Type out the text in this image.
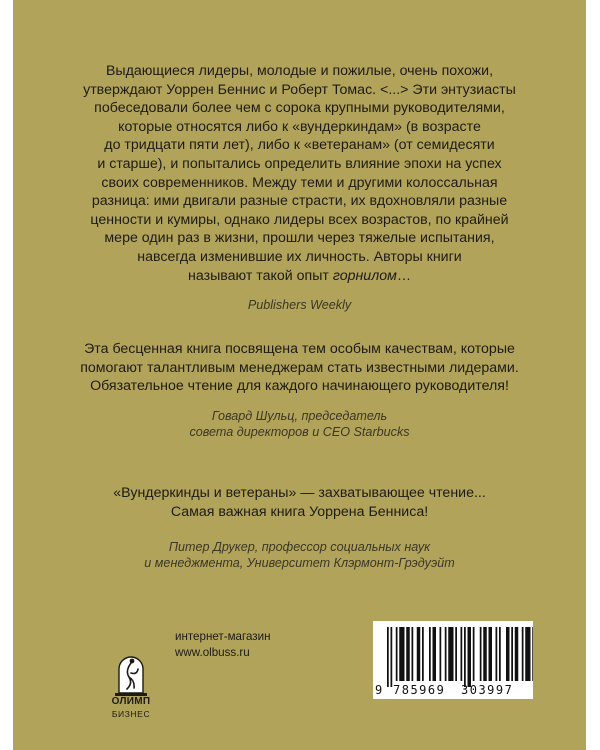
Выдающиеся лидеры, молодые и пожилые, очень похожи,
утверждают Уоррен Беннис и Роберт Томас. <...> Эти энтузиасты
побеседовали более чем с сорока крупными руководителями,
которые относятся либо к «вундеркиндам» (в возрасте
до тридцати пяти лет), либо к «ветеранам» (от семидесяти
и старше), и попытались определить влияние эпохи на успех
своих современников. Между теми и другими колоссальная
разница: ими двигали разные страсти, их вдохновляли разные
ценности и кумиры, однако лидеры всех возрастов, по крайней
мере один раз в жизни, прошли через тяжелые испытания,
навсегда изменившие их личность. Авторы книги
называют такой опыт горнилом…

Publishers Weekly

Эта бесценная книга посвящена тем особым качествам, которые
помогают талантливым менеджерам стать известными лидерами.
Обязательное чтение для каждого начинающего руководителя!

Говард Шульц, председатель
совета директоров и CEO Starbucks

«Вундеркинды и ветераны» — захватывающее чтение...
Самая важная книга Уоррена Бенниса!

Питер Друкер, профессор социальных наук
и менеджмента, Университет Клэрмонт-Грэдуэйт

ОЛИМП
БИЗНЕС
интернет-магазин
www.olbuss.ru
9 785969 303997
